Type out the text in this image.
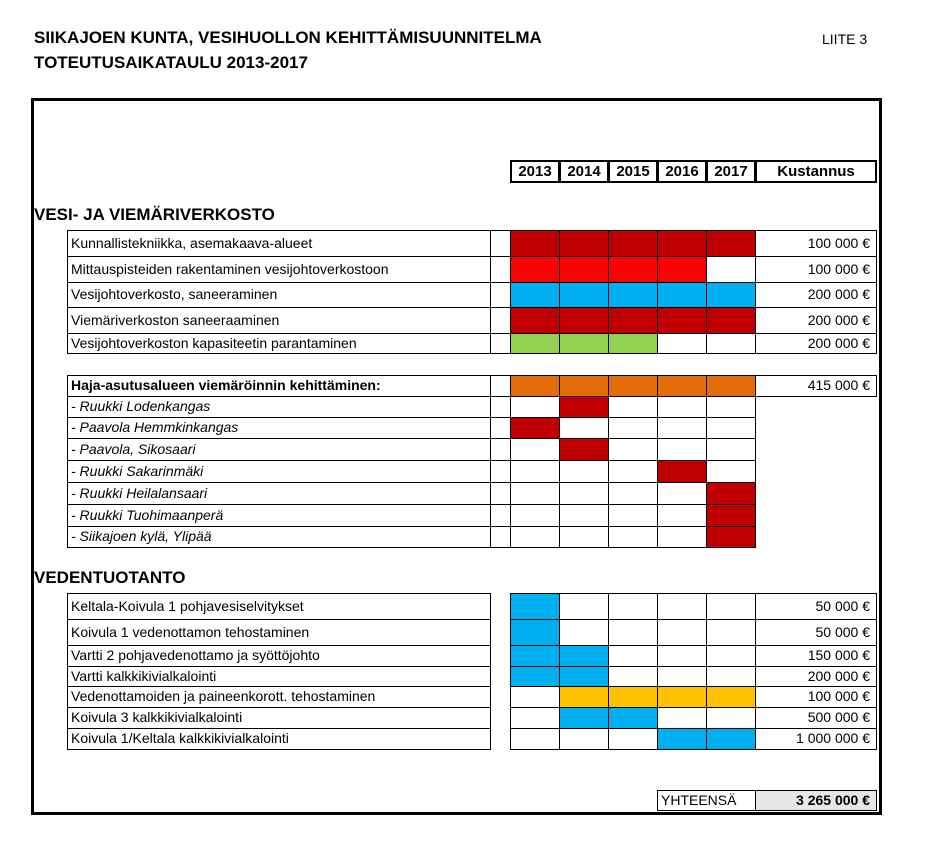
SIIKAJOEN KUNTA, VESIHUOLLON KEHITTÄMISUUNNITELMA
TOTEUTUSAIKATAULU 2013-2017
LIITE 3
2013	2014	2015	2016	2017	Kustannus
VESI- JA VIEMÄRIVERKOSTO
VEDENTUOTANTO
Kunnallistekniikka, asemakaava-alueet	100 000 €
Mittauspisteiden rakentaminen vesijohtoverkostoon	100 000 €
Vesijohtoverkosto, saneeraminen	200 000 €
Viemäriverkoston saneeraaminen	200 000 €
Vesijohtoverkoston kapasiteetin parantaminen	200 000 €
Haja-asutusalueen viemäröinnin kehittäminen:	415 000 €
- Ruukki Lodenkangas
- Paavola Hemmkinkangas
- Paavola, Sikosaari
- Ruukki Sakarinmäki
- Ruukki Heilalansaari
- Ruukki Tuohimaanperä
- Siikajoen kylä, Ylipää
Keltala-Koivula 1 pohjavesiselvitykset	50 000 €
Koivula 1 vedenottamon tehostaminen	50 000 €
Vartti 2 pohjavedenottamo ja syöttöjohto	150 000 €
Vartti kalkkikivialkalointi	200 000 €
Vedenottamoiden ja paineenkorott. tehostaminen	100 000 €
Koivula 3 kalkkikivialkalointi	500 000 €
Koivula 1/Keltala kalkkikivialkalointi	1 000 000 €
YHTEENSÄ	3 265 000 €
